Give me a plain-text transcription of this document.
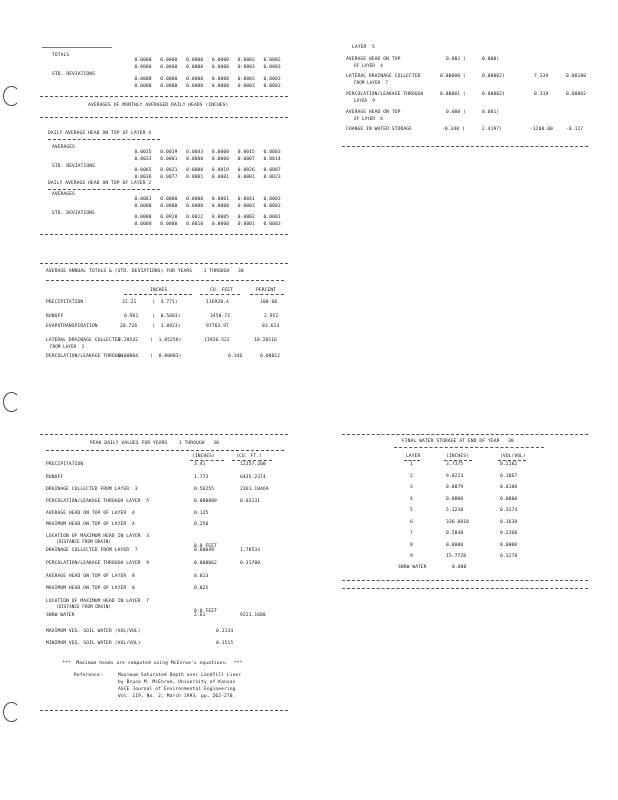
TOTALS

0.0000 0.0000 0.0000 0.0000 0.0003 0.0002

0.0000 0.0000 0.0000 0.0000 0.0003 0.0003

STD. DEVIATIONS

0.0000 0.0000 0.0000 0.0000 0.0003 0.0003

0.0000 0.0000 0.0000 0.0000 0.0003 0.0003

AVERAGES OF MONTHLY AVERAGED DAILY HEADS (INCHES)
DAILY AVERAGE HEAD ON TOP OF LAYER 4
AVERAGES

0.0035 0.0019 0.0043 0.0000 0.0015 0.0003

0.0033 0.0001 0.0000 0.0000 0.0007 0.0014

STD. DEVIATIONS

0.0065 0.0021 0.0000 0.0019 0.0026 0.0007

0.0036 0.0077 0.0001 0.0001 0.0001 0.0023

DAILY AVERAGE HEAD ON TOP OF LAYER 2
AVERAGES

0.0001 0.0000 0.0000 0.0001 0.0041 0.0003

0.0000 0.0000 0.0000 0.0000 0.0003 0.0003

STD. DEVIATIONS

0.0000 0.0928 0.0012 0.0005 0.0002 0.0001

0.0000 0.0000 0.0010 0.0000 0.0001 0.0003

AVERAGE ANNUAL TOTALS & (STD. DEVIATIONS) FOR YEARS    1 THROUGH   30
INCHES	CU. FEET	PERCENT
PRECIPITATION	32.21	(  4.771)	116920.4	100.00
RUNOFF	0.961	(  0.5603)	3450.72	2.952
EVAPOTRANSPIRATION	28.726	(  3.0923)	97763.97	83.614
LATERAL DRAINAGE COLLECTED
FROM LAYER  3
3.28542	(  1.05258)	11926.522	10.20116
PERCOLATION/LEAKAGE THROUGH
0.00004	(  0.00003)	0.146	0.00012
LAYER  5
AVERAGE HEAD ON TOP
OF LAYER  4
0.001 (	0.000)
LATERAL DRAINAGE COLLECTED
FROM LAYER  7
0.00000 (	0.00002)	7.339	0.00100
PERCOLATION/LEAKAGE THROUGH
LAYER  9
0.00001 (	0.00002)	0.319	0.00002
AVERAGE HEAD ON TOP
OF LAYER  8
0.000 (	0.001)
CHANGE IN WATER STORAGE	-0.340 (	2.4197)	-1200.00	-0.117
PEAK DAILY VALUES FOR YEARS    1 THROUGH   30
(INCHES)	(CU. FT.)
PRECIPITATION	3.41	12357.200
RUNOFF	1.773	6435.2374
DRAINAGE COLLECTED FROM LAYER  3	0.56255	2361.18469
PERCOLATION/LEAKAGE THROUGH LAYER  5	0.000009	0.03131
AVERAGE HEAD ON TOP OF LAYER  4	0.125
MAXIMUM HEAD ON TOP OF LAYER  4	0.250
LOCATION OF MAXIMUM HEAD IN LAYER  3
(DISTANCE FROM DRAIN)
0.0 FEET
DRAINAGE COLLECTED FROM LAYER  7	0.00049	1.78534
PERCOLATION/LEAKAGE THROUGH LAYER  9	0.000062	0.31700
AVERAGE HEAD ON TOP OF LAYER  8	0.013
MAXIMUM HEAD ON TOP OF LAYER  8	0.025
LOCATION OF MAXIMUM HEAD IN LAYER  7
(DISTANCE FROM DRAIN)
0.0 FEET
SNOW WATER	2.61	9221.1680
MAXIMUM VEG. SOIL WATER (VOL/VOL)	0.3134
MINIMUM VEG. SOIL WATER (VOL/VOL)	0.1515
***  Maximum heads are computed using McEnroe's equations.  ***
Reference:	Maximum Saturated Depth over Landfill Liner
by Bruce M. McEnroe, University of Kansas
ASCE Journal of Environmental Engineering
Vol. 119, No. 2, March 1993, pp. 262-270.
FINAL WATER STORAGE AT END OF YEAR   30
LAYER	(INCHES)	(VOL/VOL)
1	3.7375	0.2182
2	9.0223	0.1867
3	0.0079	0.0188
4	0.0000	0.0000
5	5.1238	0.3274
6	336.0818	0.3638
7	0.5848	0.2360
8	0.0000	0.0000
9	15.7728	0.3278
SNOW WATER	0.000
